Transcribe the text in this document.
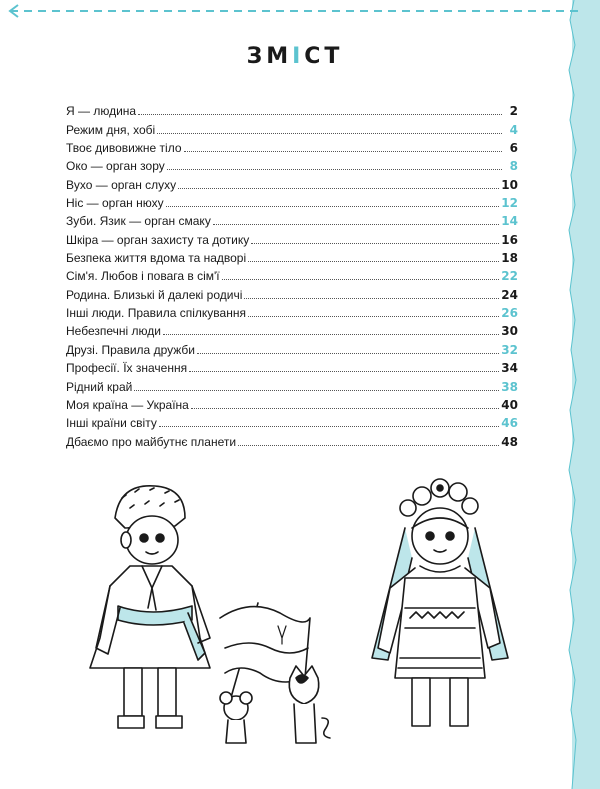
ЗМІСТ
Я — людина	2
Режим дня, хобі	4
Твоє дивовижне тіло	6
Око — орган зору	8
Вухо — орган слуху	10
Ніс — орган нюху	12
Зуби. Язик — орган смаку	14
Шкіра — орган захисту та дотику	16
Безпека життя вдома та надворі	18
Сім'я. Любов і повага в сім'ї	22
Родина. Близькі й далекі родичі	24
Інші люди. Правила спілкування	26
Небезпечні люди	30
Друзі. Правила дружби	32
Професії. Їх значення	34
Рідний край	38
Моя країна — Україна	40
Інші країни світу	46
Дбаємо про майбутнє планети	48
